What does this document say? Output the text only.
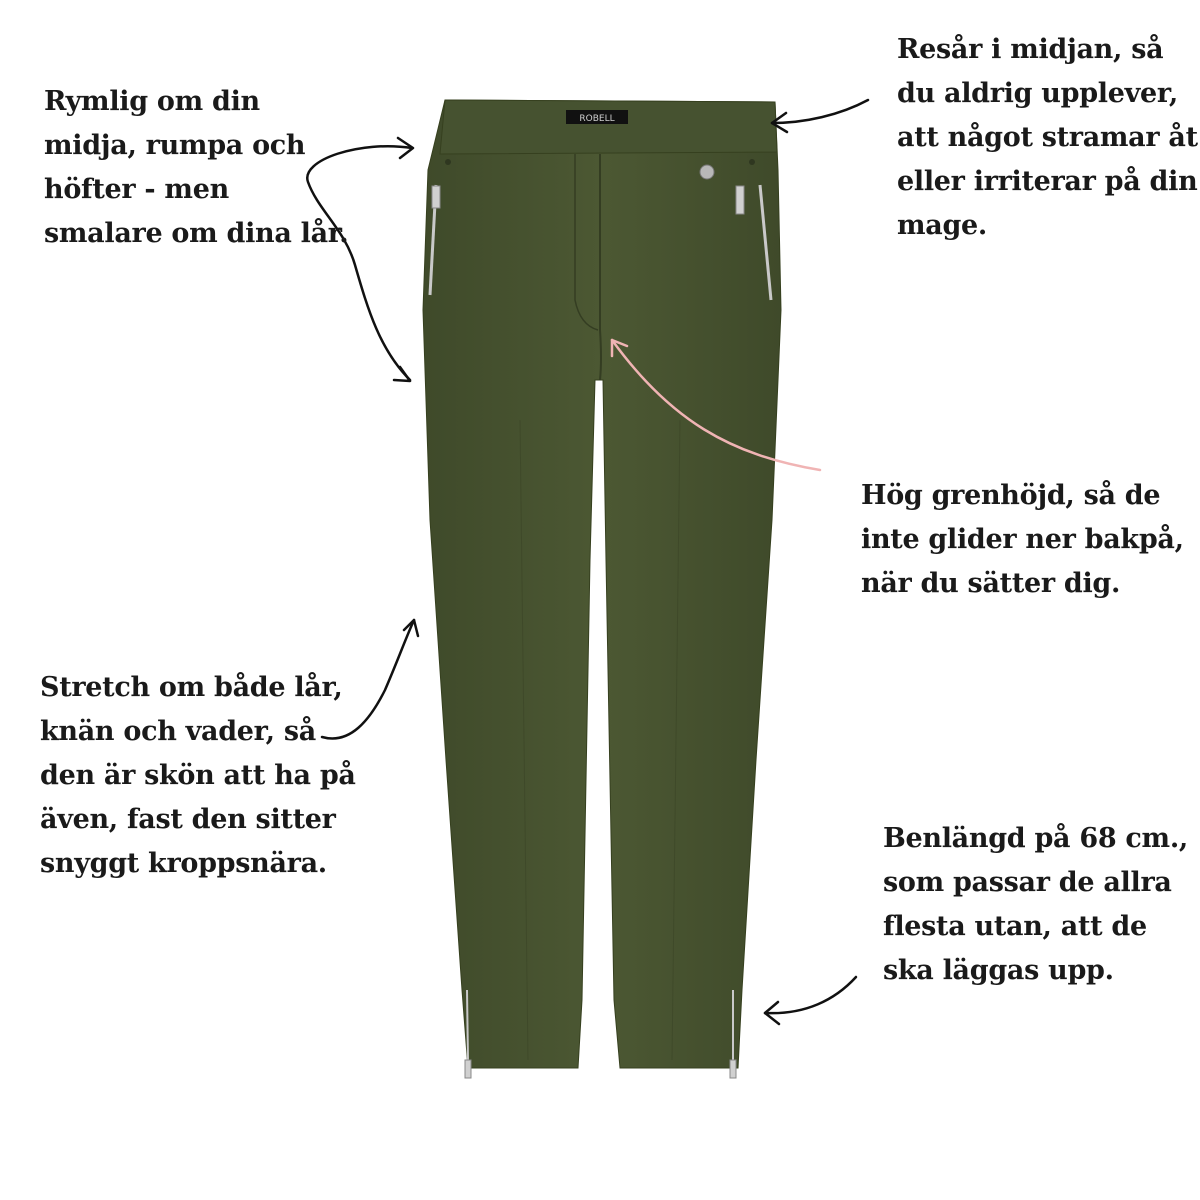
ROBELL
Rymlig om din
midja, rumpa och
höfter - men
smalare om dina lår.
Resår i midjan, så
du aldrig upplever,
att något stramar åt
eller irriterar på din
mage.
Hög grenhöjd, så de
inte glider ner bakpå,
när du sätter dig.
Stretch om både lår,
knän och vader, så
den är skön att ha på
även, fast den sitter
snyggt kroppsnära.
Benlängd på 68 cm.,
som passar de allra
flesta utan, att de
ska läggas upp.
